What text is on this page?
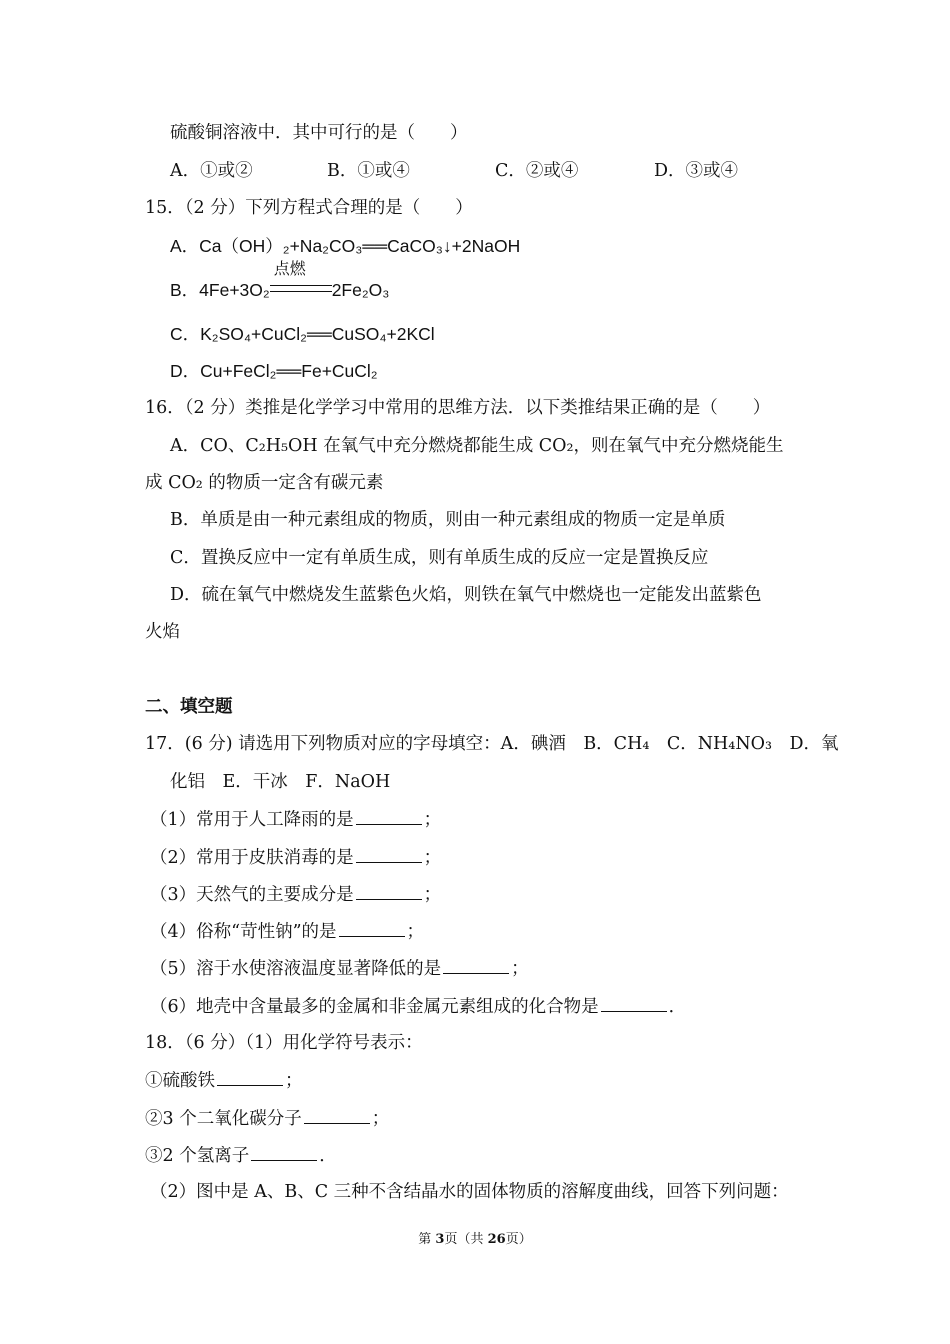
硫酸铜溶液中．其中可行的是（　　）
A．①或②	B．①或④	C．②或④	D．③或④
15．（2 分）下列方程式合理的是（　　）
A．Ca（OH）₂+Na₂CO₃══CaCO₃↓+2NaOH
B．4Fe+3O₂
点燃
2Fe₂O₃
C．K₂SO₄+CuCl₂══CuSO₄+2KCl
D．Cu+FeCl₂══Fe+CuCl₂
16．（2 分）类推是化学学习中常用的思维方法．以下类推结果正确的是（　　）
A．CO、C₂H₅OH 在氧气中充分燃烧都能生成 CO₂，则在氧气中充分燃烧能生
成 CO₂ 的物质一定含有碳元素
B．单质是由一种元素组成的物质，则由一种元素组成的物质一定是单质
C．置换反应中一定有单质生成，则有单质生成的反应一定是置换反应
D．硫在氧气中燃烧发生蓝紫色火焰，则铁在氧气中燃烧也一定能发出蓝紫色
火焰
二、填空题
17．(6 分) 请选用下列物质对应的字母填空：A．碘酒　B．CH₄　C．NH₄NO₃　D．氧
化铝　E．干冰　F．NaOH
（1）常用于人工降雨的是	；
（2）常用于皮肤消毒的是	；
（3）天然气的主要成分是	；
（4）俗称“苛性钠”的是	；
（5）溶于水使溶液温度显著降低的是	；
（6）地壳中含量最多的金属和非金属元素组成的化合物是	．
18．（6 分）（1）用化学符号表示：
①硫酸铁	；
②3 个二氧化碳分子	；
③2 个氢离子	．
（2）图中是 A、B、C 三种不含结晶水的固体物质的溶解度曲线，回答下列问题：
第 3页（共 26页）
